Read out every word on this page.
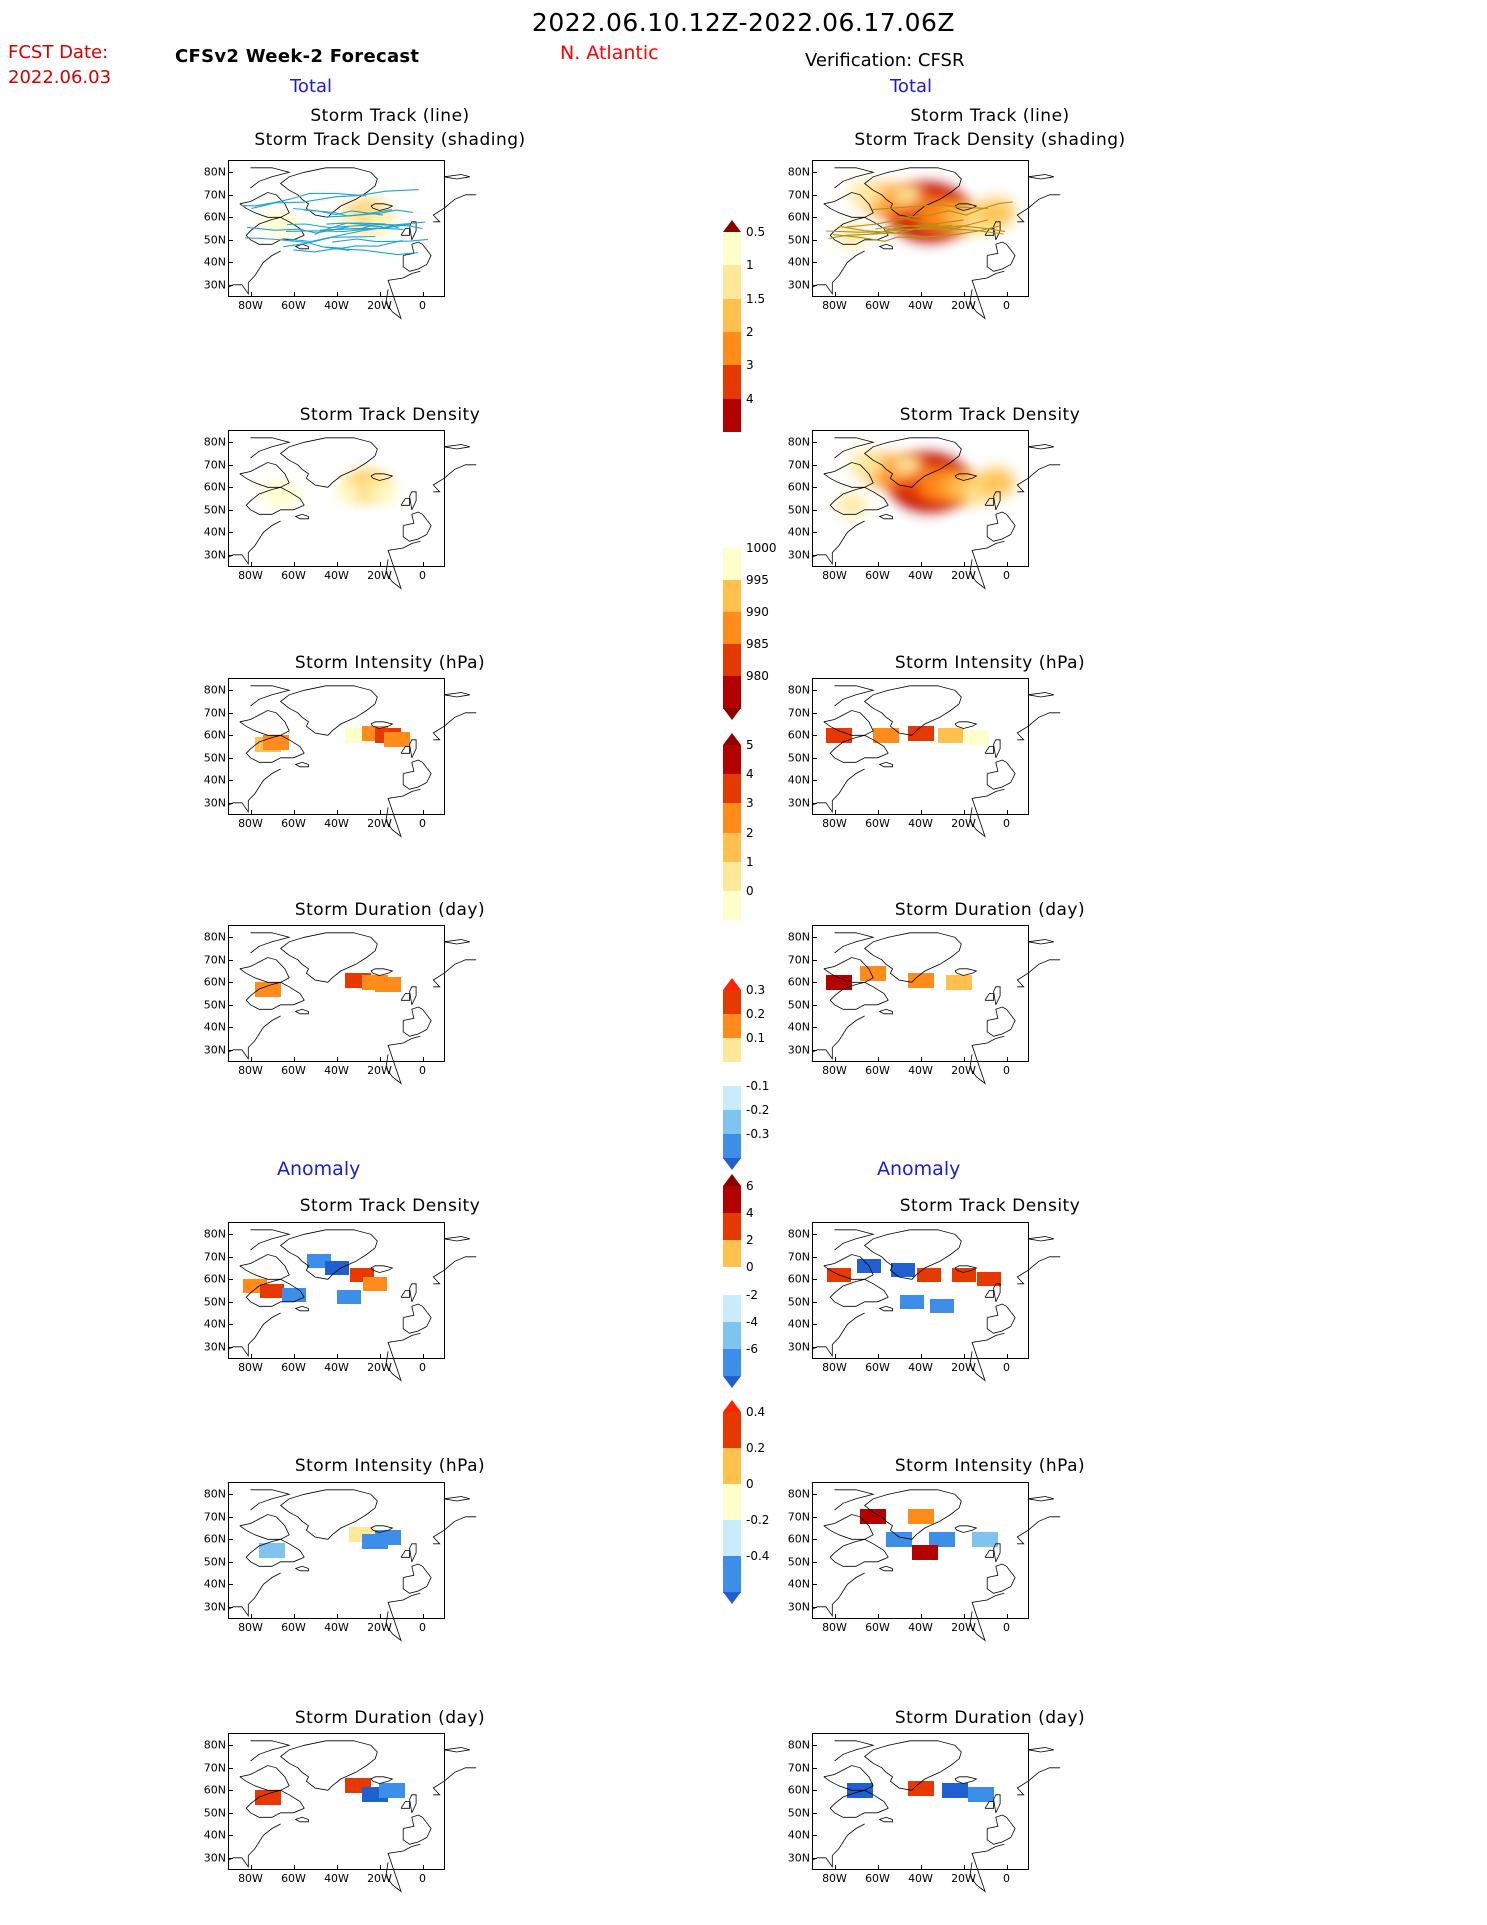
2022.06.10.12Z-2022.06.17.06Z
FCST Date:
2022.06.03
CFSv2 Week-2 Forecast	N. Atlantic	Verification: CFSR
Total	Total
Anomaly	Anomaly
Storm Track (line)
Storm Track Density (shading)
Storm Track (line)
Storm Track Density (shading)
Storm Track Density	Storm Track Density
Storm Intensity (hPa)	Storm Intensity (hPa)
Storm Duration (day)	Storm Duration (day)
Storm Track Density	Storm Track Density
Storm Intensity (hPa)	Storm Intensity (hPa)
Storm Duration (day)	Storm Duration (day)
80N
70N
60N
50N
40N
30N
80W 60W 40W 20W 0
80N
70N
60N
50N
40N
30N
80W 60W 40W 20W 0
80N
70N
60N
50N
40N
30N
80W 60W 40W 20W 0
80N
70N
60N
50N
40N
30N
80W 60W 40W 20W 0
80N
70N
60N
50N
40N
30N
80W 60W 40W 20W 0
80N
70N
60N
50N
40N
30N
80W 60W 40W 20W 0
80N
70N
60N
50N
40N
30N
80W 60W 40W 20W 0
80N
70N
60N
50N
40N
30N
80W 60W 40W 20W 0
80N
70N
60N
50N
40N
30N
80W 60W 40W 20W 0
80N
70N
60N
50N
40N
30N
80W 60W 40W 20W 0
80N
70N
60N
50N
40N
30N
80W 60W 40W 20W 0
80N
70N
60N
50N
40N
30N
80W 60W 40W 20W 0
80N
70N
60N
50N
40N
30N
80W 60W 40W 20W 0
80N
70N
60N
50N
40N
30N
80W 60W 40W 20W 0
0.5
1
1.5
2
3
4
1000
995
990
985
980
5
4
3
2
1
0
0.3
0.2
0.1
-0.1
-0.2
-0.3
6
4
2
0
-2
-4
-6
0.4
0.2
0
-0.2
-0.4
